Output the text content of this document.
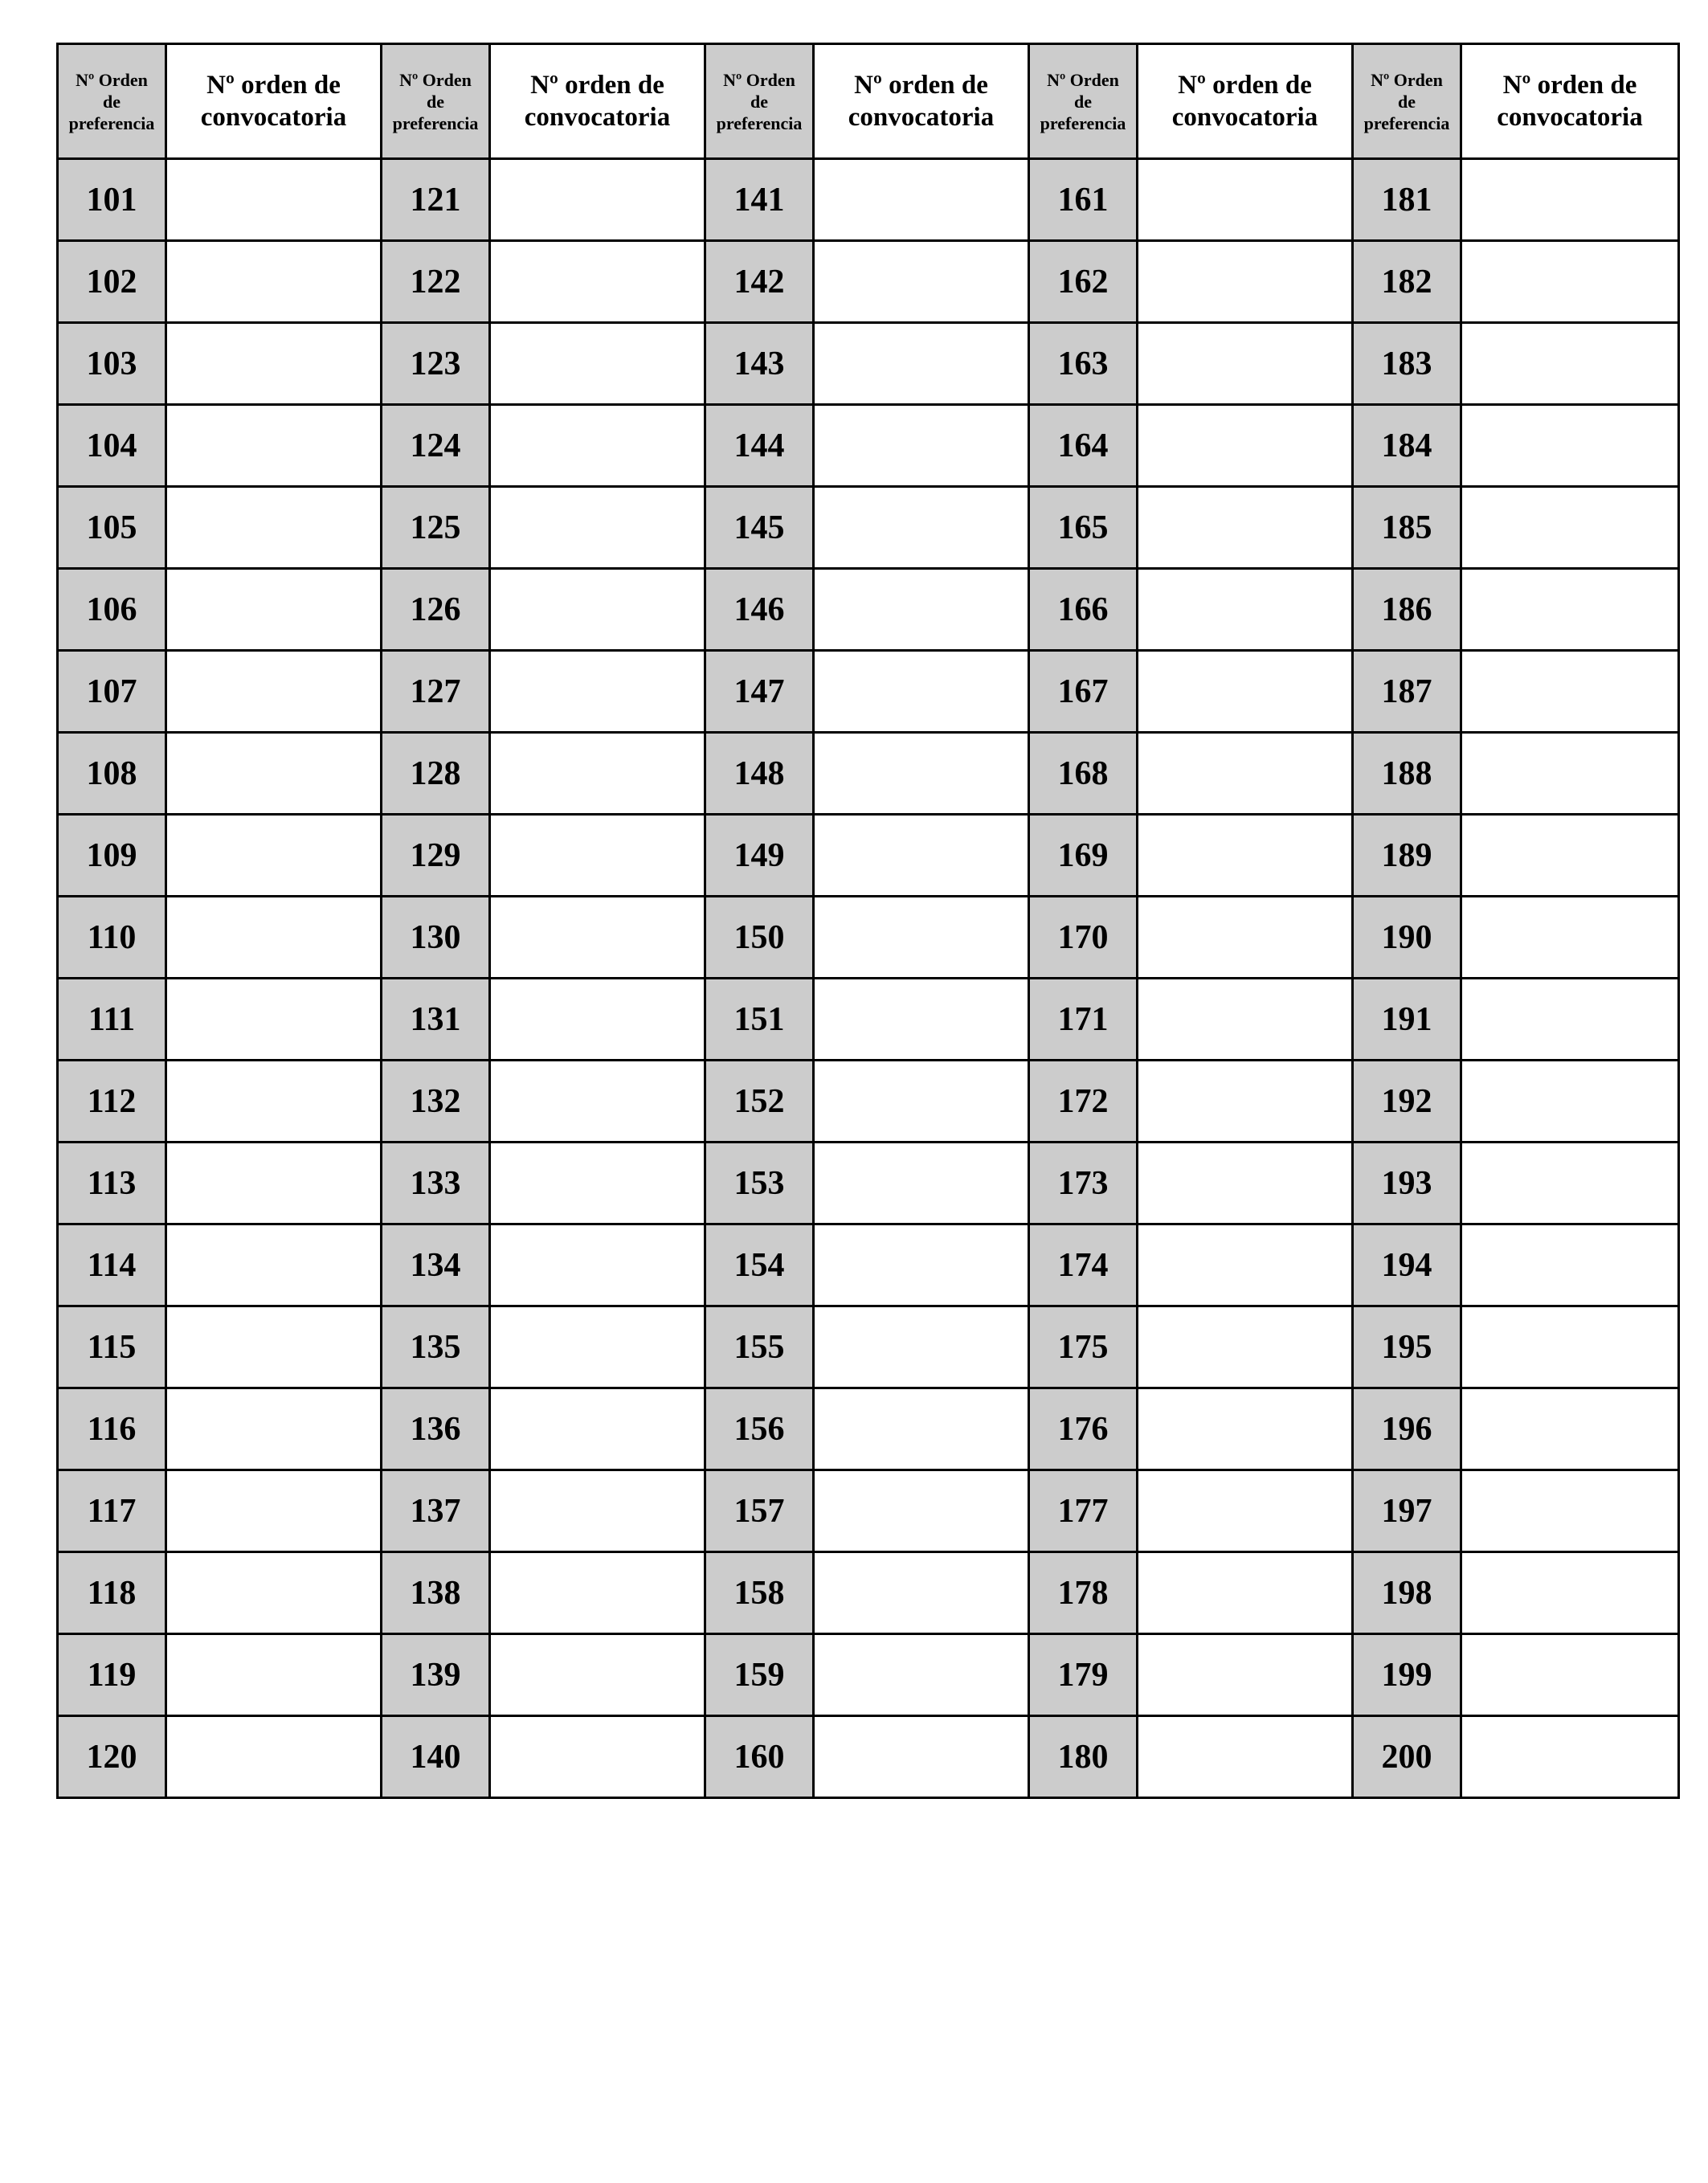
Nº Orden
de
preferencia	Nº orden de
convocatoria	Nº Orden
de
preferencia	Nº orden de
convocatoria	Nº Orden
de
preferencia	Nº orden de
convocatoria	Nº Orden
de
preferencia	Nº orden de
convocatoria	Nº Orden
de
preferencia	Nº orden de
convocatoria

101		121		141		161		181	
102		122		142		162		182	
103		123		143		163		183	
104		124		144		164		184	
105		125		145		165		185	
106		126		146		166		186	
107		127		147		167		187	
108		128		148		168		188	
109		129		149		169		189	
110		130		150		170		190	
111		131		151		171		191	
112		132		152		172		192	
113		133		153		173		193	
114		134		154		174		194	
115		135		155		175		195	
116		136		156		176		196	
117		137		157		177		197	
118		138		158		178		198	
119		139		159		179		199	
120		140		160		180		200	
